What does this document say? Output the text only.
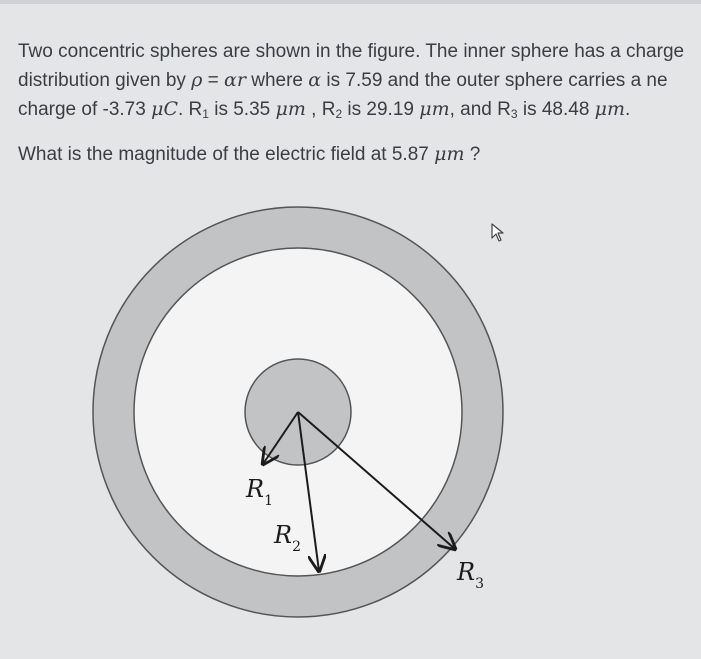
Two concentric spheres are shown in the figure. The inner sphere has a charge
distribution given by ρ = αr where α is 7.59 and the outer sphere carries a ne
charge of -3.73 μC. $R_1$ is 5.35 μm , $R_2$ is 29.19 μm, and $R_3$ is 48.48 μm.
What is the magnitude of the electric field at 5.87 μm ?
$R_1$
$R_2$
$R_3$
